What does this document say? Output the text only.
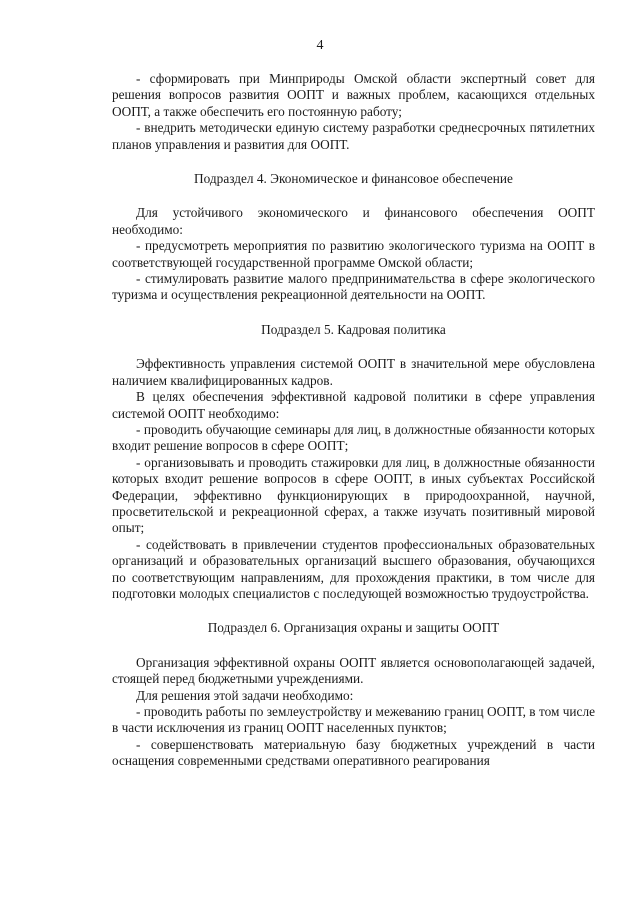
4

- сформировать при Минприроды Омской области экспертный совет для решения вопросов развития ООПТ и важных проблем, касающихся отдельных ООПТ, а также обеспечить его постоянную работу;

- внедрить методически единую систему разработки среднесрочных пятилетних планов управления и развития для ООПТ.

Подраздел 4. Экономическое и финансовое обеспечение

Для устойчивого экономического и финансового обеспечения ООПТ необходимо:

- предусмотреть мероприятия по развитию экологического туризма на ООПТ в соответствующей государственной программе Омской области;

- стимулировать развитие малого предпринимательства в сфере экологического туризма и осуществления рекреационной деятельности на ООПТ.

Подраздел 5. Кадровая политика

Эффективность управления системой ООПТ в значительной мере обусловлена наличием квалифицированных кадров.

В целях обеспечения эффективной кадровой политики в сфере управления системой ООПТ необходимо:

- проводить обучающие семинары для лиц, в должностные обязанности которых входит решение вопросов в сфере ООПТ;

- организовывать и проводить стажировки для лиц, в должностные обязанности которых входит решение вопросов в сфере ООПТ, в иных субъектах Российской Федерации, эффективно функционирующих в природоохранной, научной, просветительской и рекреационной сферах, а также изучать позитивный мировой опыт;

- содействовать в привлечении студентов профессиональных образовательных организаций и образовательных организаций высшего образования, обучающихся по соответствующим направлениям, для прохождения практики, в том числе для подготовки молодых специалистов с последующей возможностью трудоустройства.

Подраздел 6. Организация охраны и защиты ООПТ

Организация эффективной охраны ООПТ является основополагающей задачей, стоящей перед бюджетными учреждениями.

Для решения этой задачи необходимо:

- проводить работы по землеустройству и межеванию границ ООПТ, в том числе в части исключения из границ ООПТ населенных пунктов;

- совершенствовать материальную базу бюджетных учреждений в части оснащения современными средствами оперативного реагирования
